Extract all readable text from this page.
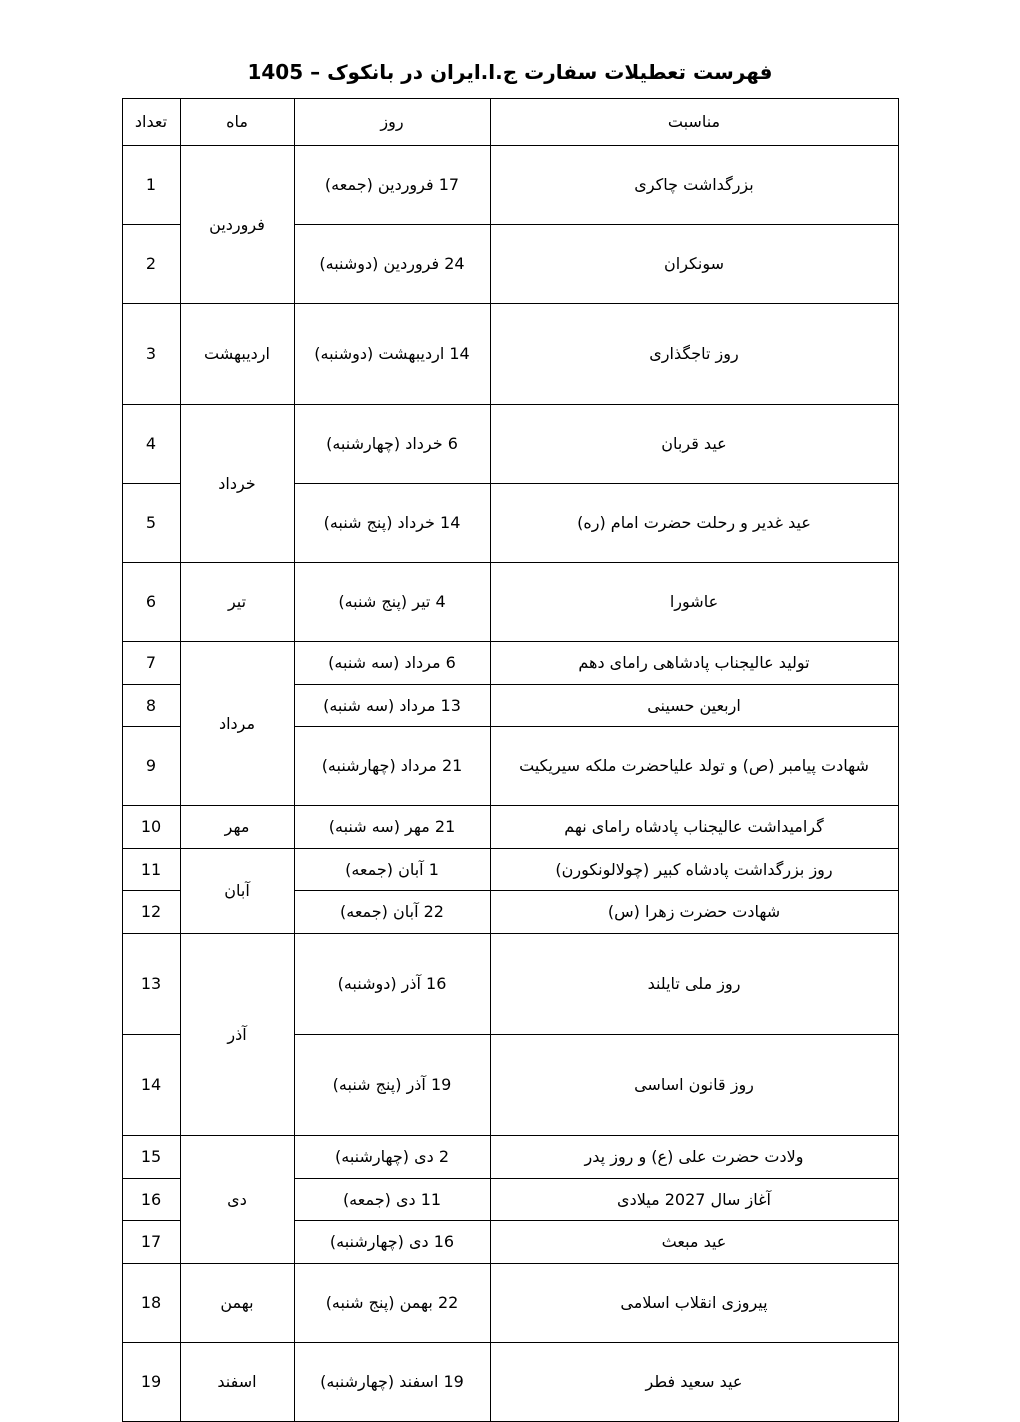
فهرست تعطیلات سفارت ج.ا.ایران در بانکوک – 1405
مناسبت	روز	ماه	تعداد
بزرگداشت چاکری	17 فروردین (جمعه)	فروردین	1
سونکران	24 فروردین (دوشنبه)		2
روز تاجگذاری	14 اردیبهشت (دوشنبه)	اردیبهشت	3
عید قربان	6 خرداد (چهارشنبه)	خرداد	4
عید غدیر و رحلت حضرت امام (ره)	14 خرداد (پنج شنبه)		5
عاشورا	4 تیر (پنج شنبه)	تیر	6
تولید عالیجناب پادشاهی رامای دهم	6 مرداد (سه شنبه)	مرداد	7
اربعین حسینی	13 مرداد (سه شنبه)		8
شهادت پیامبر (ص) و تولد علیاحضرت ملکه سیریکیت	21 مرداد (چهارشنبه)		9
گرامیداشت عالیجناب پادشاه رامای نهم	21 مهر (سه شنبه)	مهر	10
روز بزرگداشت پادشاه کبیر (چولالونکورن)	1 آبان (جمعه)	آبان	11
شهادت حضرت زهرا (س)	22 آبان (جمعه)		12
روز ملی تایلند	16 آذر (دوشنبه)	آذر	13
روز قانون اساسی	19 آذر (پنج شنبه)		14
ولادت حضرت علی (ع) و روز پدر	2 دی (چهارشنبه)	دی	15
آغاز سال 2027 میلادی	11 دی (جمعه)		16
عید مبعث	16 دی (چهارشنبه)		17
پیروزی انقلاب اسلامی	22 بهمن (پنج شنبه)	بهمن	18
عید سعید فطر	19 اسفند (چهارشنبه)	اسفند	19
